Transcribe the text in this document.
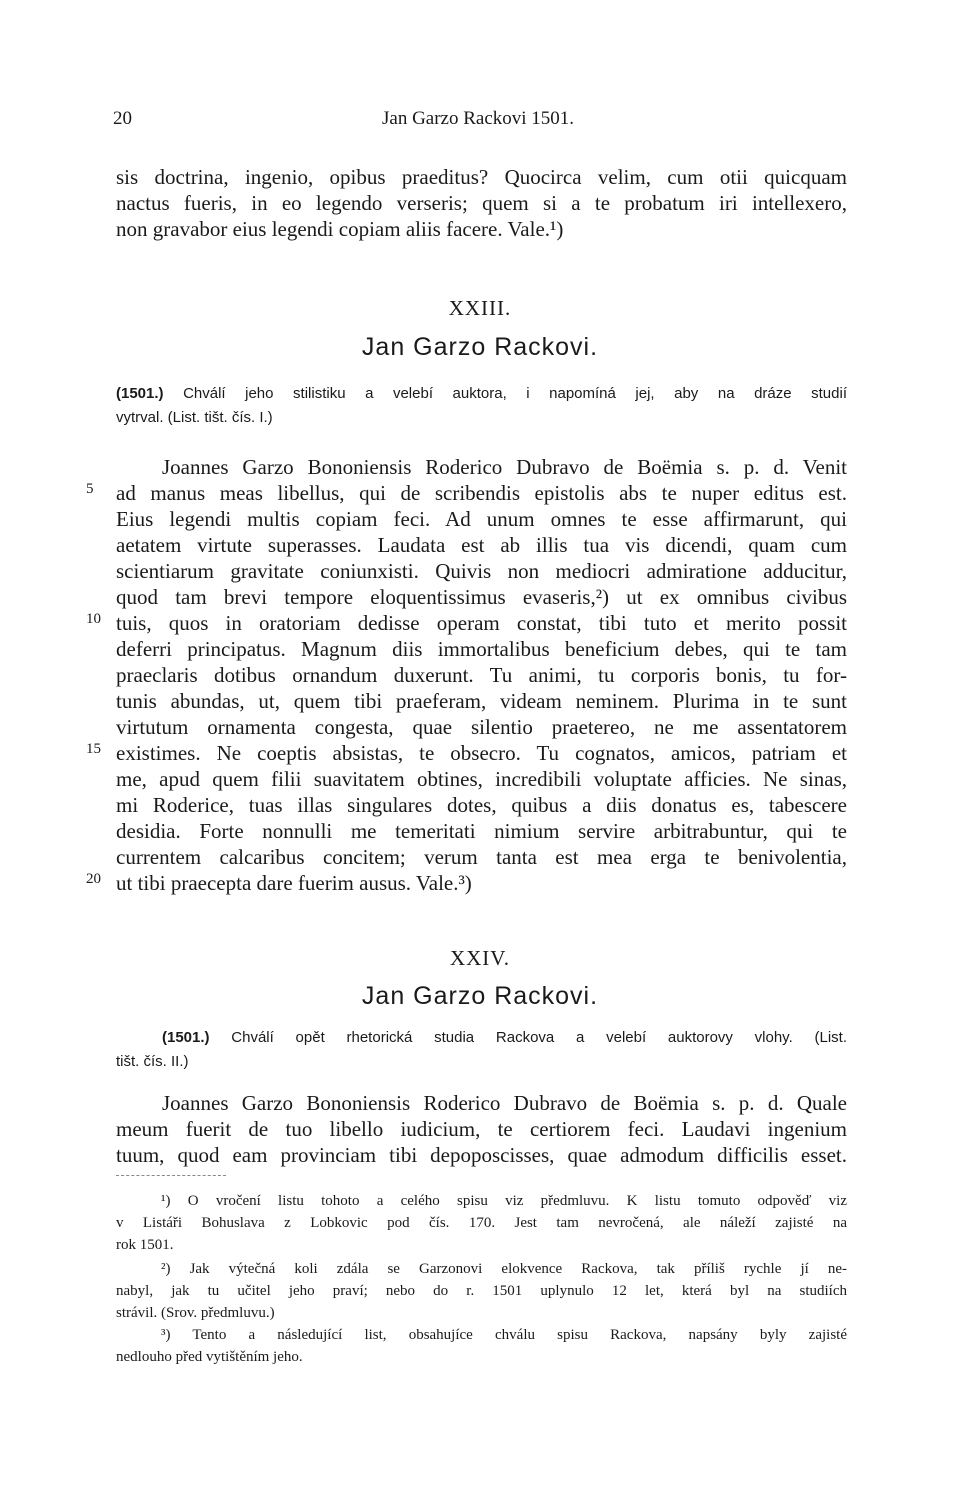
20	Jan Garzo Rackovi 1501.
sis doctrina, ingenio, opibus praeditus? Quocirca velim, cum otii quicquam
nactus fueris, in eo legendo verseris; quem si a te probatum iri intellexero,
non gravabor eius legendi copiam aliis facere. Vale.¹)
XXIII.
Jan Garzo Rackovi.
(1501.) Chválí jeho stilistiku a velebí auktora, i napomíná jej, aby na dráze studií
vytrval. (List. tišt. čís. I.)
5
10
15
20
Joannes Garzo Bononiensis Roderico Dubravo de Boëmia s. p. d. Venit
ad manus meas libellus, qui de scribendis epistolis abs te nuper editus est.
Eius legendi multis copiam feci. Ad unum omnes te esse affirmarunt, qui
aetatem virtute superasses. Laudata est ab illis tua vis dicendi, quam cum
scientiarum gravitate coniunxisti. Quivis non mediocri admiratione adducitur,
quod tam brevi tempore eloquentissimus evaseris,²) ut ex omnibus civibus
tuis, quos in oratoriam dedisse operam constat, tibi tuto et merito possit
deferri principatus. Magnum diis immortalibus beneficium debes, qui te tam
praeclaris dotibus ornandum duxerunt. Tu animi, tu corporis bonis, tu for-
tunis abundas, ut, quem tibi praeferam, videam neminem. Plurima in te sunt
virtutum ornamenta congesta, quae silentio praetereo, ne me assentatorem
existimes. Ne coeptis absistas, te obsecro. Tu cognatos, amicos, patriam et
me, apud quem filii suavitatem obtines, incredibili voluptate afficies. Ne sinas,
mi Roderice, tuas illas singulares dotes, quibus a diis donatus es, tabescere
desidia. Forte nonnulli me temeritati nimium servire arbitrabuntur, qui te
currentem calcaribus concitem; verum tanta est mea erga te benivolentia,
ut tibi praecepta dare fuerim ausus. Vale.³)
XXIV.
Jan Garzo Rackovi.
(1501.) Chválí opět rhetorická studia Rackova a velebí auktorovy vlohy. (List.
tišt. čís. II.)
Joannes Garzo Bononiensis Roderico Dubravo de Boëmia s. p. d. Quale
meum fuerit de tuo libello iudicium, te certiorem feci. Laudavi ingenium
tuum, quod eam provinciam tibi depoposcisses, quae admodum difficilis esset.
¹) O vročení listu tohoto a celého spisu viz předmluvu. K listu tomuto odpověď viz
v Listáři Bohuslava z Lobkovic pod čís. 170. Jest tam nevročená, ale náleží zajisté na
rok 1501.
²) Jak výtečná koli zdála se Garzonovi elokvence Rackova, tak příliš rychle jí ne-
nabyl, jak tu učitel jeho praví; nebo do r. 1501 uplynulo 12 let, která byl na studiích
strávil. (Srov. předmluvu.)
³) Tento a následující list, obsahujíce chválu spisu Rackova, napsány byly zajisté
nedlouho před vytištěním jeho.
